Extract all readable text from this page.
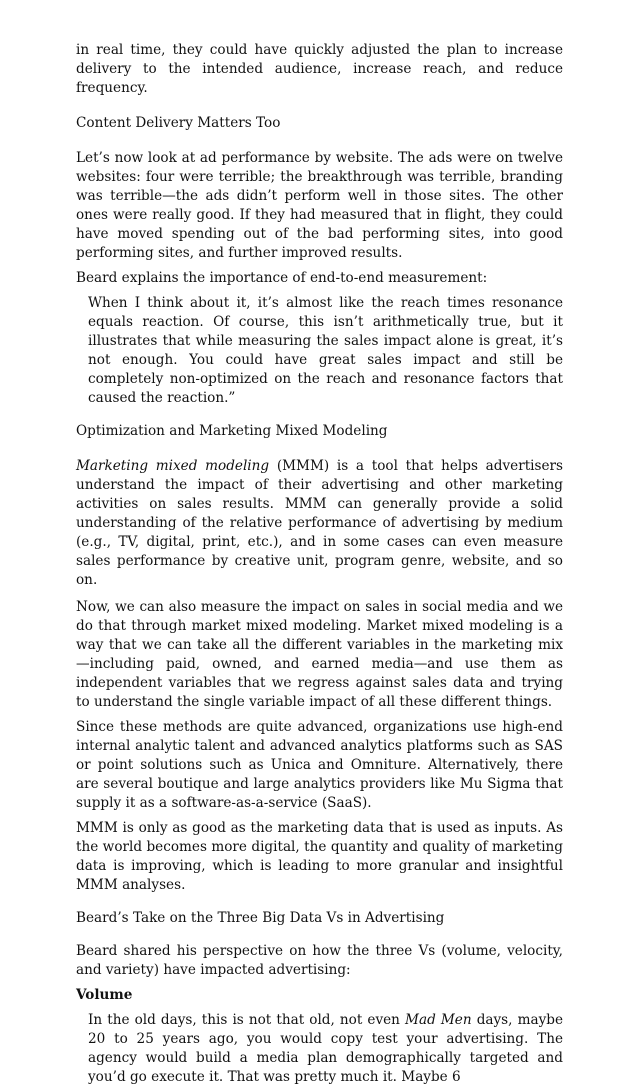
in real time, they could have quickly adjusted the plan to increase delivery to the intended audience, increase reach, and reduce frequency.

Content Delivery Matters Too

Let’s now look at ad performance by website. The ads were on twelve websites: four were terrible; the breakthrough was terrible, branding was terrible—the ads didn’t perform well in those sites. The other ones were really good. If they had measured that in flight, they could have moved spending out of the bad performing sites, into good performing sites, and further improved results.

Beard explains the importance of end-to-end measurement:

When I think about it, it’s almost like the reach times resonance equals reaction. Of course, this isn’t arithmetically true, but it illustrates that while measuring the sales impact alone is great, it’s not enough. You could have great sales impact and still be completely non-optimized on the reach and resonance factors that caused the reaction.”

Optimization and Marketing Mixed Modeling

Marketing mixed modeling (MMM) is a tool that helps advertisers understand the impact of their advertising and other marketing activities on sales results. MMM can generally provide a solid understanding of the relative performance of advertising by medium (e.g., TV, digital, print, etc.), and in some cases can even measure sales performance by creative unit, program genre, website, and so on.

Now, we can also measure the impact on sales in social media and we do that through market mixed modeling. Market mixed modeling is a way that we can take all the different variables in the marketing mix—including paid, owned, and earned media—and use them as independent variables that we regress against sales data and trying to understand the single variable impact of all these different things.

Since these methods are quite advanced, organizations use high-end internal analytic talent and advanced analytics platforms such as SAS or point solutions such as Unica and Omniture. Alternatively, there are several boutique and large analytics providers like Mu Sigma that supply it as a software-as-a-service (SaaS).

MMM is only as good as the marketing data that is used as inputs. As the world becomes more digital, the quantity and quality of marketing data is improving, which is leading to more granular and insightful MMM analyses.

Beard’s Take on the Three Big Data Vs in Advertising

Beard shared his perspective on how the three Vs (volume, velocity, and variety) have impacted advertising:

Volume

In the old days, this is not that old, not even Mad Men days, maybe 20 to 25 years ago, you would copy test your advertising. The agency would build a media plan demographically targeted and you’d go execute it. That was pretty much it. Maybe 6
